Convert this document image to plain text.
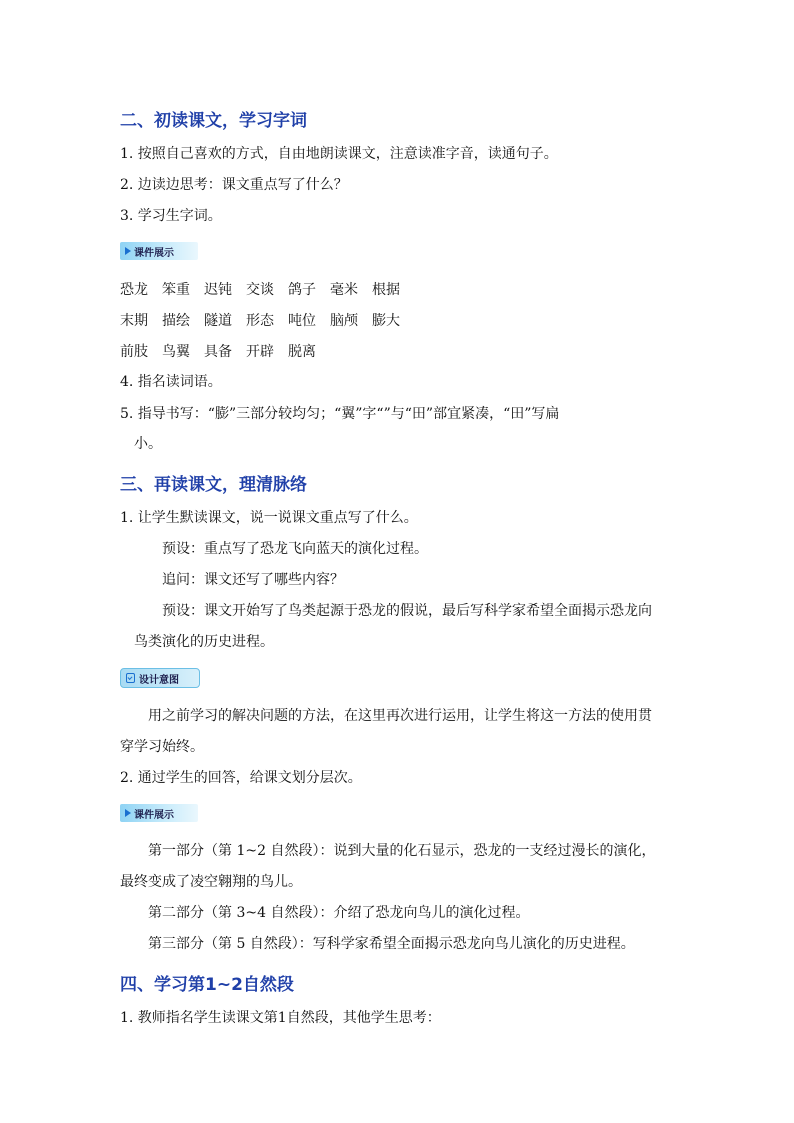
二、初读课文，学习字词
1. 按照自己喜欢的方式，自由地朗读课文，注意读准字音，读通句子。
2. 边读边思考：课文重点写了什么？
3. 学习生字词。
课件展示
恐龙 笨重 迟钝 交谈 鸽子 毫米 根据
末期 描绘 隧道 形态 吨位 脑颅 膨大
前肢 鸟翼 具备 开辟 脱离
4. 指名读词语。
5. 指导书写：“膨”三部分较均匀；“翼”字“”与“田”部宜紧凑，“田”写扁
小。
三、再读课文，理清脉络
1. 让学生默读课文，说一说课文重点写了什么。
预设：重点写了恐龙飞向蓝天的演化过程。
追问：课文还写了哪些内容？
预设：课文开始写了鸟类起源于恐龙的假说，最后写科学家希望全面揭示恐龙向
鸟类演化的历史进程。
设计意图
用之前学习的解决问题的方法，在这里再次进行运用，让学生将这一方法的使用贯
穿学习始终。
2. 通过学生的回答，给课文划分层次。
课件展示
第一部分（第 1~2 自然段）：说到大量的化石显示，恐龙的一支经过漫长的演化，
最终变成了凌空翱翔的鸟儿。
第二部分（第 3~4 自然段）：介绍了恐龙向鸟儿的演化过程。
第三部分（第 5 自然段）：写科学家希望全面揭示恐龙向鸟儿演化的历史进程。
四、学习第1~2自然段
1. 教师指名学生读课文第1自然段，其他学生思考：
